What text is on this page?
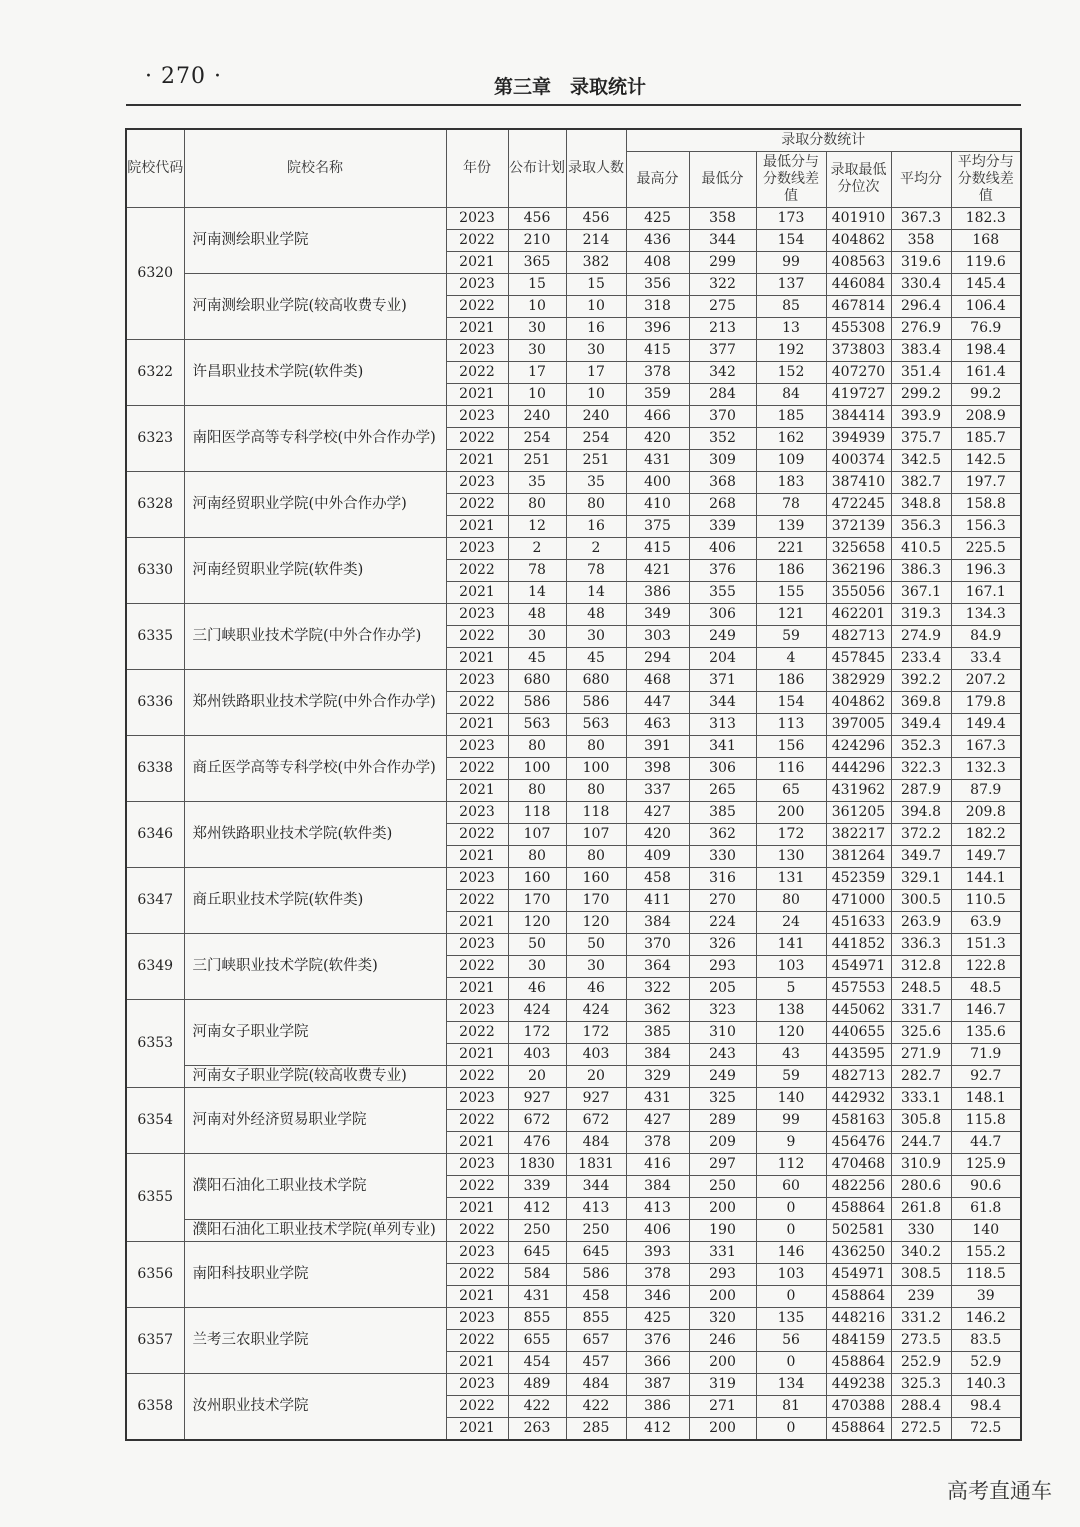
· 270 ·	第三章　录取统计
院校代码	院校名称	年份	公布计划	录取人数	录取分数统计					
					最高分	最低分	最低分与分数线差值	录取最低分位次	平均分	平均分与分数线差值
6320	河南测绘职业学院	2023	456	456	425	358	173	401910	367.3	182.3
		2022	210	214	436	344	154	404862	358	168
		2021	365	382	408	299	99	408563	319.6	119.6
	河南测绘职业学院(较高收费专业)	2023	15	15	356	322	137	446084	330.4	145.4
		2022	10	10	318	275	85	467814	296.4	106.4
		2021	30	16	396	213	13	455308	276.9	76.9
6322	许昌职业技术学院(软件类)	2023	30	30	415	377	192	373803	383.4	198.4
		2022	17	17	378	342	152	407270	351.4	161.4
		2021	10	10	359	284	84	419727	299.2	99.2
6323	南阳医学高等专科学校(中外合作办学)	2023	240	240	466	370	185	384414	393.9	208.9
		2022	254	254	420	352	162	394939	375.7	185.7
		2021	251	251	431	309	109	400374	342.5	142.5
6328	河南经贸职业学院(中外合作办学)	2023	35	35	400	368	183	387410	382.7	197.7
		2022	80	80	410	268	78	472245	348.8	158.8
		2021	12	16	375	339	139	372139	356.3	156.3
6330	河南经贸职业学院(软件类)	2023	2	2	415	406	221	325658	410.5	225.5
		2022	78	78	421	376	186	362196	386.3	196.3
		2021	14	14	386	355	155	355056	367.1	167.1
6335	三门峡职业技术学院(中外合作办学)	2023	48	48	349	306	121	462201	319.3	134.3
		2022	30	30	303	249	59	482713	274.9	84.9
		2021	45	45	294	204	4	457845	233.4	33.4
6336	郑州铁路职业技术学院(中外合作办学)	2023	680	680	468	371	186	382929	392.2	207.2
		2022	586	586	447	344	154	404862	369.8	179.8
		2021	563	563	463	313	113	397005	349.4	149.4
6338	商丘医学高等专科学校(中外合作办学)	2023	80	80	391	341	156	424296	352.3	167.3
		2022	100	100	398	306	116	444296	322.3	132.3
		2021	80	80	337	265	65	431962	287.9	87.9
6346	郑州铁路职业技术学院(软件类)	2023	118	118	427	385	200	361205	394.8	209.8
		2022	107	107	420	362	172	382217	372.2	182.2
		2021	80	80	409	330	130	381264	349.7	149.7
6347	商丘职业技术学院(软件类)	2023	160	160	458	316	131	452359	329.1	144.1
		2022	170	170	411	270	80	471000	300.5	110.5
		2021	120	120	384	224	24	451633	263.9	63.9
6349	三门峡职业技术学院(软件类)	2023	50	50	370	326	141	441852	336.3	151.3
		2022	30	30	364	293	103	454971	312.8	122.8
		2021	46	46	322	205	5	457553	248.5	48.5
6353	河南女子职业学院	2023	424	424	362	323	138	445062	331.7	146.7
		2022	172	172	385	310	120	440655	325.6	135.6
		2021	403	403	384	243	43	443595	271.9	71.9
	河南女子职业学院(较高收费专业)	2022	20	20	329	249	59	482713	282.7	92.7
6354	河南对外经济贸易职业学院	2023	927	927	431	325	140	442932	333.1	148.1
		2022	672	672	427	289	99	458163	305.8	115.8
		2021	476	484	378	209	9	456476	244.7	44.7
6355	濮阳石油化工职业技术学院	2023	1830	1831	416	297	112	470468	310.9	125.9
		2022	339	344	384	250	60	482256	280.6	90.6
		2021	412	413	413	200	0	458864	261.8	61.8
	濮阳石油化工职业技术学院(单列专业)	2022	250	250	406	190	0	502581	330	140
6356	南阳科技职业学院	2023	645	645	393	331	146	436250	340.2	155.2
		2022	584	586	378	293	103	454971	308.5	118.5
		2021	431	458	346	200	0	458864	239	39
6357	兰考三农职业学院	2023	855	855	425	320	135	448216	331.2	146.2
		2022	655	657	376	246	56	484159	273.5	83.5
		2021	454	457	366	200	0	458864	252.9	52.9
6358	汝州职业技术学院	2023	489	484	387	319	134	449238	325.3	140.3
		2022	422	422	386	271	81	470388	288.4	98.4
		2021	263	285	412	200	0	458864	272.5	72.5
高考直通车
